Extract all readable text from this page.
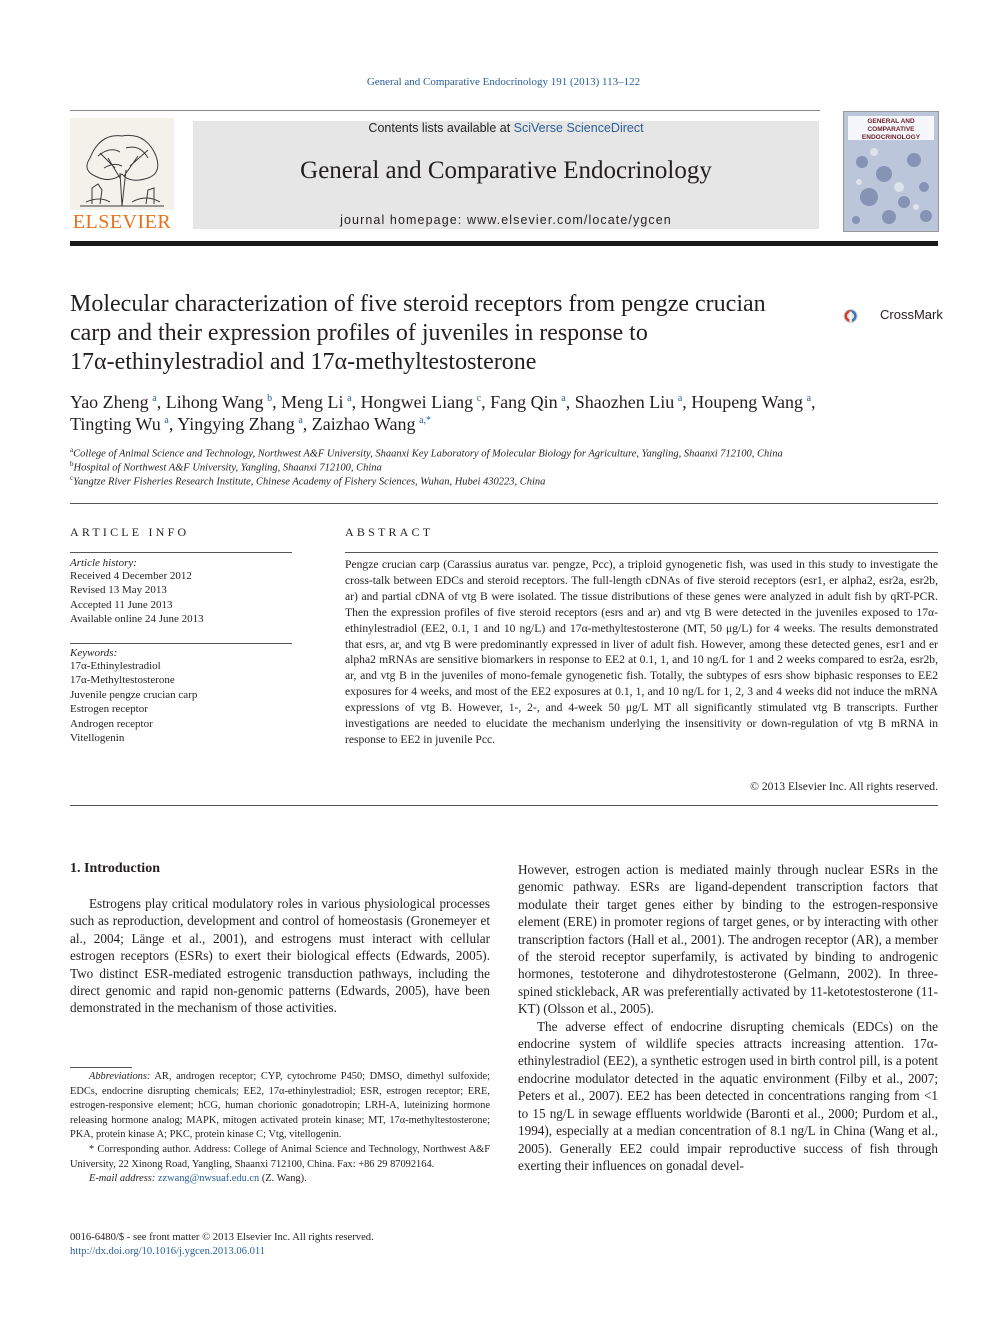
General and Comparative Endocrinology 191 (2013) 113–122
ELSEVIER
Contents lists available at SciVerse ScienceDirect
General and Comparative Endocrinology
journal homepage: www.elsevier.com/locate/ygcen
GENERAL AND COMPARATIVE ENDOCRINOLOGY
Molecular characterization of five steroid receptors from pengze crucian
carp and their expression profiles of juveniles in response to
17α-ethinylestradiol and 17α-methyltestosterone
CrossMark
Yao Zheng  $^a$, Lihong Wang  $^b$, Meng Li  $^a$, Hongwei Liang  $^c$, Fang Qin  $^a$, Shaozhen Liu  $^a$, Houpeng Wang  $^a$,
Tingting Wu  $^a$, Yingying Zhang  $^a$, Zaizhao Wang  $^{a,*}$
$^a$College of Animal Science and Technology, Northwest A&F University, Shaanxi Key Laboratory of Molecular Biology for Agriculture, Yangling, Shaanxi 712100, China
$^b$Hospital of Northwest A&F University, Yangling, Shaanxi 712100, China
$^c$Yangtze River Fisheries Research Institute, Chinese Academy of Fishery Sciences, Wuhan, Hubei 430223, China
ARTICLE INFO
Article history:
Received 4 December 2012
Revised 13 May 2013
Accepted 11 June 2013
Available online 24 June 2013
Keywords:
17α-Ethinylestradiol
17α-Methyltestosterone
Juvenile pengze crucian carp
Estrogen receptor
Androgen receptor
Vitellogenin
ABSTRACT
Pengze crucian carp (Carassius auratus var. pengze, Pcc), a triploid gynogenetic fish, was used in this study to investigate the cross-talk between EDCs and steroid receptors. The full-length cDNAs of five steroid receptors (esr1, er alpha2, esr2a, esr2b, ar) and partial cDNA of vtg B were isolated. The tissue distributions of these genes were analyzed in adult fish by qRT-PCR. Then the expression profiles of five steroid receptors (esrs and ar) and vtg B were detected in the juveniles exposed to 17α-ethinylestradiol (EE2, 0.1, 1 and 10 ng/L) and 17α-methyltestosterone (MT, 50 μg/L) for 4 weeks. The results demonstrated that esrs, ar, and vtg B were predominantly expressed in liver of adult fish. However, among these detected genes, esr1 and er alpha2 mRNAs are sensitive biomarkers in response to EE2 at 0.1, 1, and 10 ng/L for 1 and 2 weeks compared to esr2a, esr2b, ar, and vtg B in the juveniles of mono-female gynogenetic fish. Totally, the subtypes of esrs show biphasic responses to EE2 exposures for 4 weeks, and most of the EE2 exposures at 0.1, 1, and 10 ng/L for 1, 2, 3 and 4 weeks did not induce the mRNA expressions of vtg B. However, 1-, 2-, and 4-week 50 μg/L MT all significantly stimulated vtg B transcripts. Further investigations are needed to elucidate the mechanism underlying the insensitivity or down-regulation of vtg B mRNA in response to EE2 in juvenile Pcc.
© 2013 Elsevier Inc. All rights reserved.
1. Introduction

Estrogens play critical modulatory roles in various physiological processes such as reproduction, development and control of homeostasis (Gronemeyer et al., 2004; Länge et al., 2001), and estrogens must interact with cellular estrogen receptors (ESRs) to exert their biological effects (Edwards, 2005). Two distinct ESR-mediated estrogenic transduction pathways, including the direct genomic and rapid non-genomic patterns (Edwards, 2005), have been demonstrated in the mechanism of those activities.

However, estrogen action is mediated mainly through nuclear ESRs in the genomic pathway. ESRs are ligand-dependent transcription factors that modulate their target genes either by binding to the estrogen-responsive element (ERE) in promoter regions of target genes, or by interacting with other transcription factors (Hall et al., 2001). The androgen receptor (AR), a member of the steroid receptor superfamily, is activated by binding to androgenic hormones, testoterone and dihydrotestosterone (Gelmann, 2002). In three-spined stickleback, AR was preferentially activated by 11-ketotestosterone (11-KT) (Olsson et al., 2005).

The adverse effect of endocrine disrupting chemicals (EDCs) on the endocrine system of wildlife species attracts increasing attention. 17α-ethinylestradiol (EE2), a synthetic estrogen used in birth control pill, is a potent endocrine modulator detected in the aquatic environment (Filby et al., 2007; Peters et al., 2007). EE2 has been detected in concentrations ranging from <1 to 15 ng/L in sewage effluents worldwide (Baronti et al., 2000; Purdom et al., 1994), especially at a median concentration of 8.1 ng/L in China (Wang et al., 2005). Generally EE2 could impair reproductive success of fish through exerting their influences on gonadal devel-

Abbreviations: AR, androgen receptor; CYP, cytochrome P450; DMSO, dimethyl sulfoxide; EDCs, endocrine disrupting chemicals; EE2, 17α-ethinylestradiol; ESR, estrogen receptor; ERE, estrogen-responsive element; hCG, human chorionic gonadotropin; LRH-A, luteinizing hormone releasing hormone analog; MAPK, mitogen activated protein kinase; MT, 17α-methyltestosterone; PKA, protein kinase A; PKC, protein kinase C; Vtg, vitellogenin.

* Corresponding author. Address: College of Animal Science and Technology, Northwest A&F University, 22 Xinong Road, Yangling, Shaanxi 712100, China. Fax: +86 29 87092164.

E-mail address: zzwang@nwsuaf.edu.cn (Z. Wang).

0016-6480/$ - see front matter © 2013 Elsevier Inc. All rights reserved.
http://dx.doi.org/10.1016/j.ygcen.2013.06.011
